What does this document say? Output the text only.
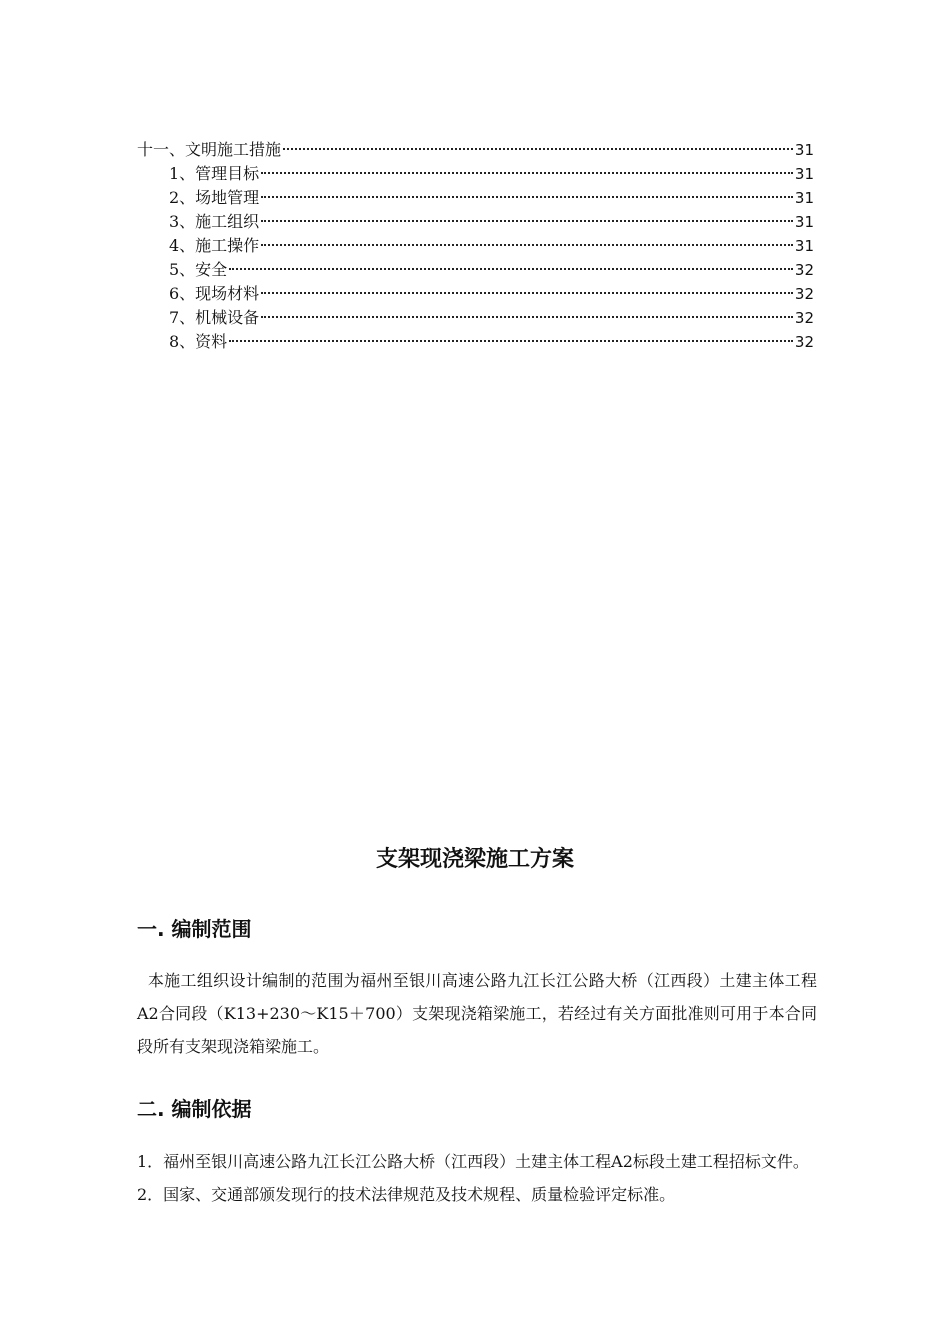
十一、文明施工措施	31
1、管理目标	31
2、场地管理	31
3、施工组织	31
4、施工操作	31
5、安全	32
6、现场材料	32
7、机械设备	32
8、资料	32
支架现浇梁施工方案
一. 编制范围
本施工组织设计编制的范围为福州至银川高速公路九江长江公路大桥（江西段）土建主体工程A2合同段（K13+230～K15＋700）支架现浇箱梁施工，若经过有关方面批准则可用于本合同段所有支架现浇箱梁施工。
二. 编制依据
1．福州至银川高速公路九江长江公路大桥（江西段）土建主体工程A2标段土建工程招标文件。
2．国家、交通部颁发现行的技术法律规范及技术规程、质量检验评定标准。
